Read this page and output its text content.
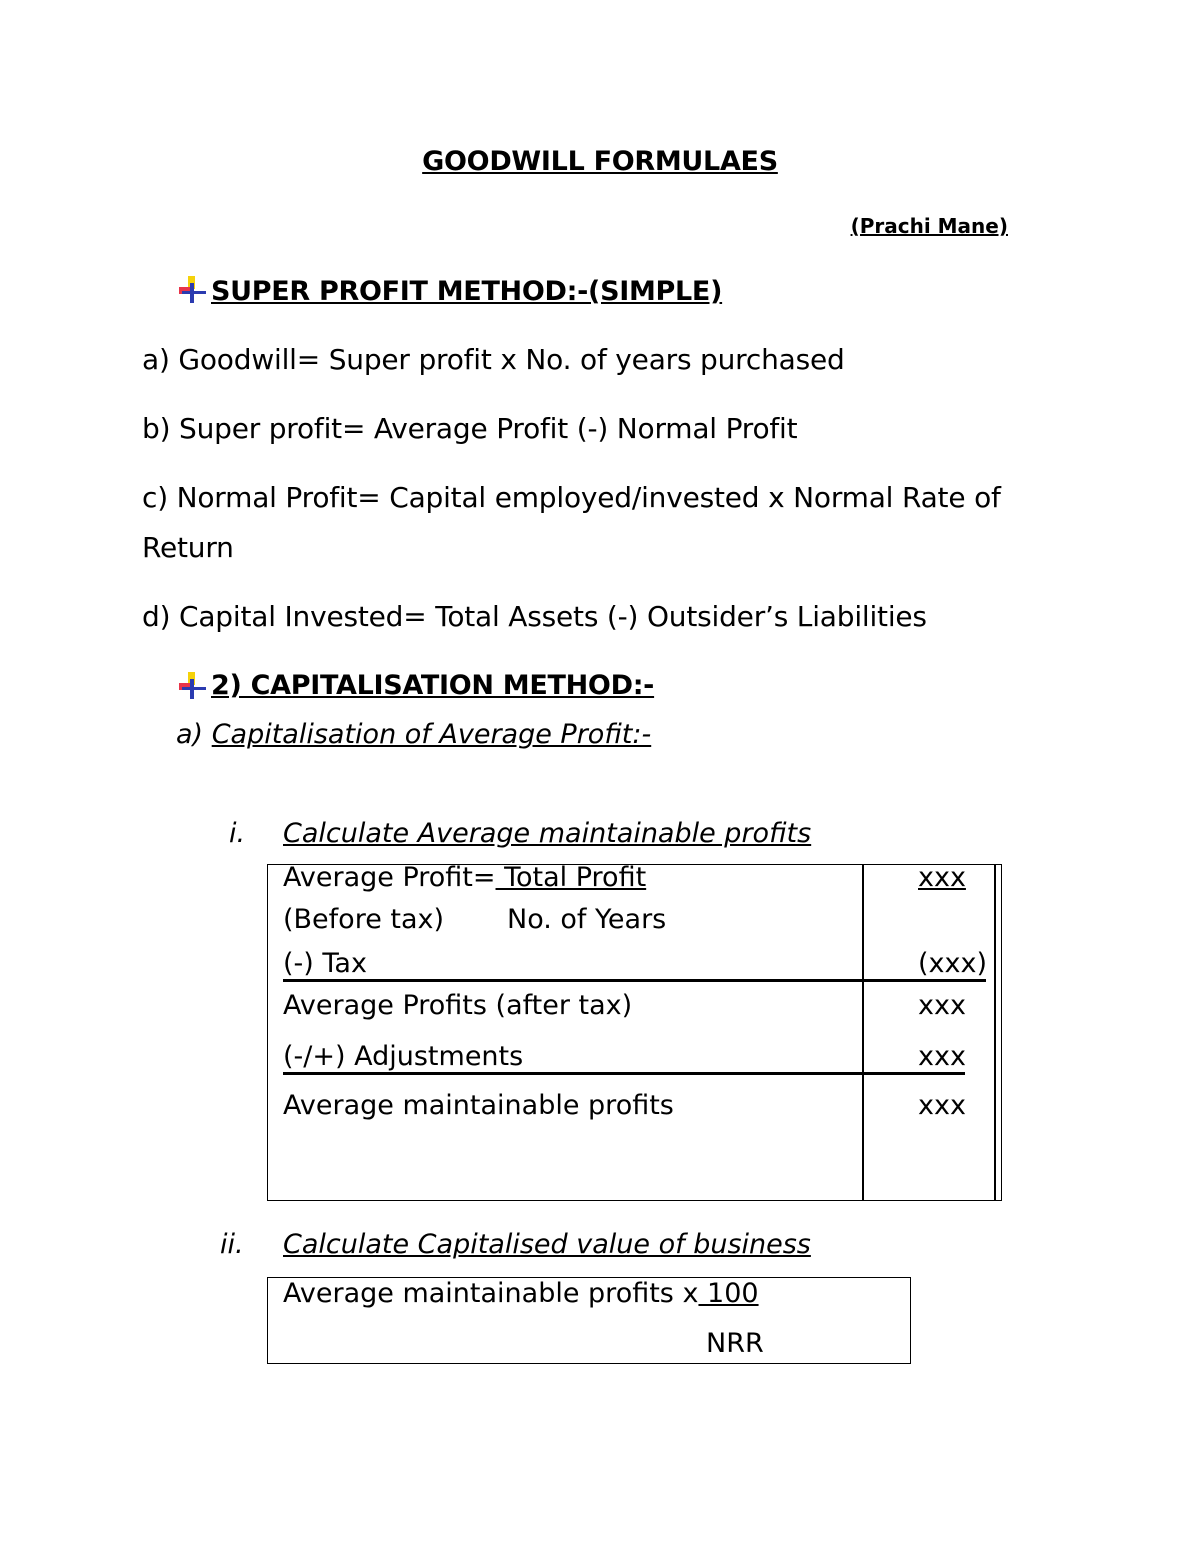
GOODWILL FORMULAES
(Prachi Mane)
SUPER PROFIT METHOD:-(SIMPLE)
a) Goodwill= Super profit x No. of years purchased
b) Super profit= Average Profit (-) Normal Profit
c) Normal Profit= Capital employed/invested x Normal Rate of
Return
d) Capital Invested= Total Assets (-) Outsider’s Liabilities
2) CAPITALISATION METHOD:-
a) Capitalisation of Average Profit:-
i. Calculate Average maintainable profits
Average Profit= Total Profit	xxx
(Before tax) No. of Years
(-) Tax	(xxx)
Average Profits (after tax)	xxx
(-/+) Adjustments	xxx
Average maintainable profits	xxx
ii. Calculate Capitalised value of business
Average maintainable profits x 100
NRR
